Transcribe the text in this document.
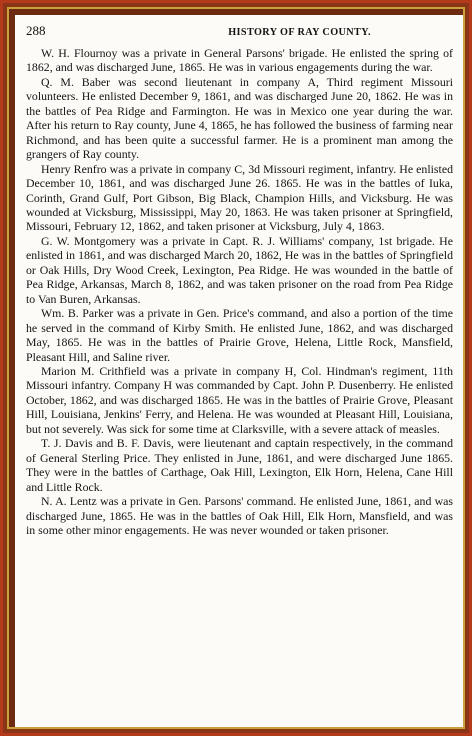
288	HISTORY OF RAY COUNTY.

W. H. Flournoy was a private in General Parsons' brigade. He enlisted the spring of 1862, and was discharged June, 1865. He was in various engagements during the war.

Q. M. Baber was second lieutenant in company A, Third regiment Missouri volunteers. He enlisted December 9, 1861, and was discharged June 20, 1862. He was in the battles of Pea Ridge and Farmington. He was in Mexico one year during the war. After his return to Ray county, June 4, 1865, he has followed the business of farming near Richmond, and has been quite a successful farmer. He is a prominent man among the grangers of Ray county.

Henry Renfro was a private in company C, 3d Missouri regiment, infantry. He enlisted December 10, 1861, and was discharged June 26. 1865. He was in the battles of Iuka, Corinth, Grand Gulf, Port Gibson, Big Black, Champion Hills, and Vicksburg. He was wounded at Vicksburg, Mississippi, May 20, 1863. He was taken prisoner at Springfield, Missouri, February 12, 1862, and taken prisoner at Vicksburg, July 4, 1863.

G. W. Montgomery was a private in Capt. R. J. Williams' company, 1st brigade. He enlisted in 1861, and was discharged March 20, 1862, He was in the battles of Springfield or Oak Hills, Dry Wood Creek, Lexington, Pea Ridge. He was wounded in the battle of Pea Ridge, Arkansas, March 8, 1862, and was taken prisoner on the road from Pea Ridge to Van Buren, Arkansas.

Wm. B. Parker was a private in Gen. Price's command, and also a portion of the time he served in the command of Kirby Smith. He enlisted June, 1862, and was discharged May, 1865. He was in the battles of Prairie Grove, Helena, Little Rock, Mansfield, Pleasant Hill, and Saline river.

Marion M. Crithfield was a private in company H, Col. Hindman's regiment, 11th Missouri infantry. Company H was commanded by Capt. John P. Dusenberry. He enlisted October, 1862, and was discharged 1865. He was in the battles of Prairie Grove, Pleasant Hill, Louisiana, Jenkins' Ferry, and Helena. He was wounded at Pleasant Hill, Louisiana, but not severely. Was sick for some time at Clarksville, with a severe attack of measles.

T. J. Davis and B. F. Davis, were lieutenant and captain respectively, in the command of General Sterling Price. They enlisted in June, 1861, and were discharged June 1865. They were in the battles of Carthage, Oak Hill, Lexington, Elk Horn, Helena, Cane Hill and Little Rock.

N. A. Lentz was a private in Gen. Parsons' command. He enlisted June, 1861, and was discharged June, 1865. He was in the battles of Oak Hill, Elk Horn, Mansfield, and was in some other minor engagements. He was never wounded or taken prisoner.
